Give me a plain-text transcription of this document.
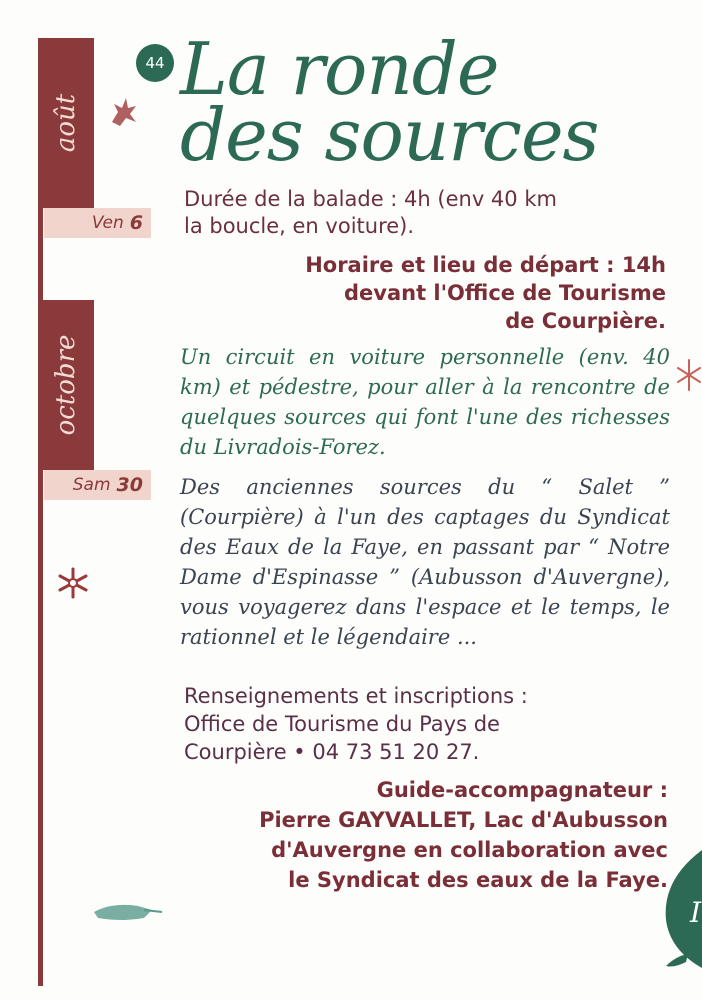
août
Ven 6
octobre
Sam 30
I
44 La ronde
des sources
Durée de la balade : 4h (env 40 km
la boucle, en voiture).
Horaire et lieu de départ : 14h
devant l'Office de Tourisme
de Courpière.

Un circuit en voiture personnelle (env. 40 km) et pédestre, pour aller à la rencontre de quelques sources qui font l'une des richesses du Livradois-Forez.

Des anciennes sources du “ Salet ” (Courpière) à l'un des captages du Syndicat des Eaux de la Faye, en passant par “ Notre Dame d'Espinasse ” (Aubusson d'Auvergne), vous voyagerez dans l'espace et le temps, le rationnel et le légendaire ...

Renseignements et inscriptions :
Office de Tourisme du Pays de
Courpière • 04 73 51 20 27.
Guide-accompagnateur :
Pierre GAYVALLET, Lac d'Aubusson
d'Auvergne en collaboration avec
le Syndicat des eaux de la Faye.
